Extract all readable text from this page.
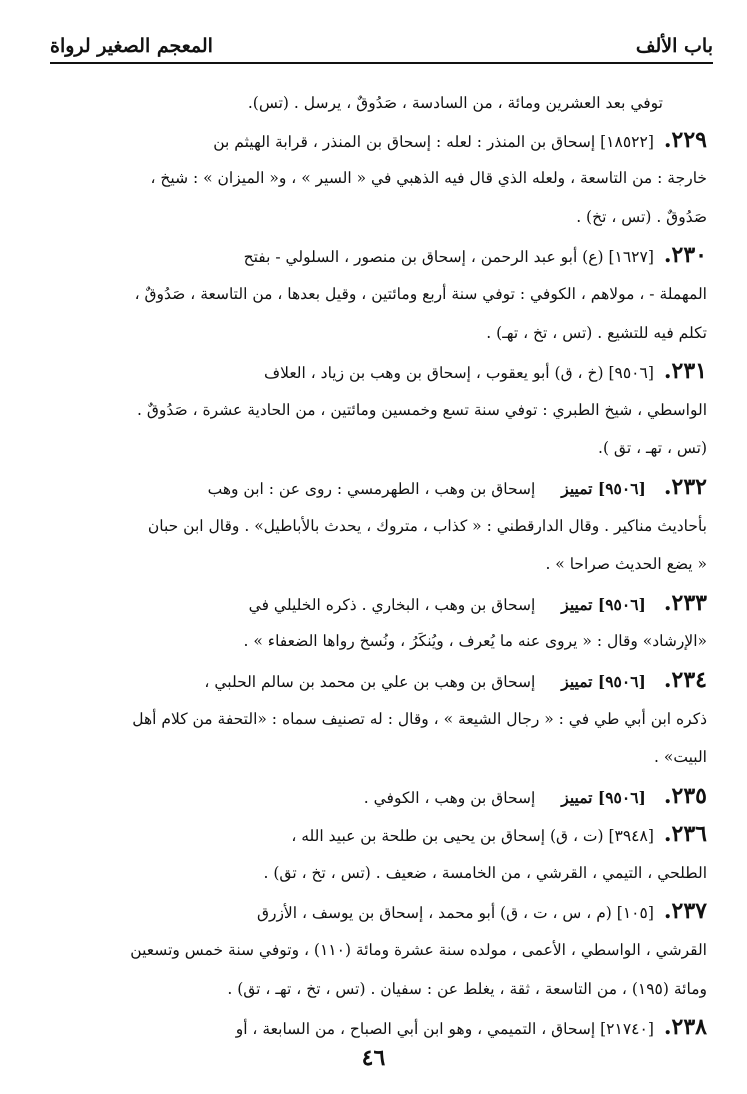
المعجم الصغير لرواة	باب الألف
توفي بعد العشرين ومائة ، من السادسة ، صَدُوقٌ ، يرسل . (تس).
٢٢٩.[١٨٥٢٢] إسحاق بن المنذر : لعله : إسحاق بن المنذر ، قرابة الهيثم بن
خارجة : من التاسعة ، ولعله الذي قال فيه الذهبي في « السير » ، و« الميزان » : شيخ ،
صَدُوقٌ . (تس ، تخ) .
٢٣٠.[١٦٢٧] (ع) أبو عبد الرحمن ، إسحاق بن منصور ، السلولي - بفتح
المهملة - ، مولاهم ، الكوفي : توفي سنة أربع ومائتين ، وقيل بعدها ، من التاسعة ، صَدُوقٌ ،
تكلم فيه للتشيع . (تس ، تخ ، تهـ) .
٢٣١.[٩٥٠٦] (خ ، ق) أبو يعقوب ، إسحاق بن وهب بن زياد ، العلاف
الواسطي ، شيخ الطبري : توفي سنة تسع وخمسين ومائتين ، من الحادية عشرة ، صَدُوقٌ .
(تس ، تهـ ، تق ).
٢٣٢.[٩٥٠٦] تمييزإسحاق بن وهب ، الطهرمسي : روى عن : ابن وهب
بأحاديث مناكير . وقال الدارقطني : « كذاب ، متروك ، يحدث بالأباطيل» . وقال ابن حبان
« يضع الحديث صراحا » .
٢٣٣.[٩٥٠٦] تمييزإسحاق بن وهب ، البخاري . ذكره الخليلي في
«الإرشاد» وقال : « يروى عنه ما يُعرف ، ويُنكَرُ ، ونُسخ رواها الضعفاء » .
٢٣٤.[٩٥٠٦] تمييزإسحاق بن وهب بن علي بن محمد بن سالم الحلبي ،
ذكره ابن أبي طي في : « رجال الشيعة » ، وقال : له تصنيف سماه : «التحفة من كلام أهل
البيت» .
٢٣٥.[٩٥٠٦] تمييزإسحاق بن وهب ، الكوفي .
٢٣٦.[٣٩٤٨] (ت ، ق) إسحاق بن يحيى بن طلحة بن عبيد الله ،
الطلحي ، التيمي ، القرشي ، من الخامسة ، ضعيف . (تس ، تخ ، تق) .
٢٣٧.[١٠٥] (م ، س ، ت ، ق) أبو محمد ، إسحاق بن يوسف ، الأزرق
القرشي ، الواسطي ، الأعمى ، مولده سنة عشرة ومائة (١١٠) ، وتوفي سنة خمس وتسعين
ومائة (١٩٥) ، من التاسعة ، ثقة ، يغلط عن : سفيان . (تس ، تخ ، تهـ ، تق) .
٢٣٨.[٢١٧٤٠] إسحاق ، التميمي ، وهو ابن أبي الصباح ، من السابعة ، أو
٤٦
